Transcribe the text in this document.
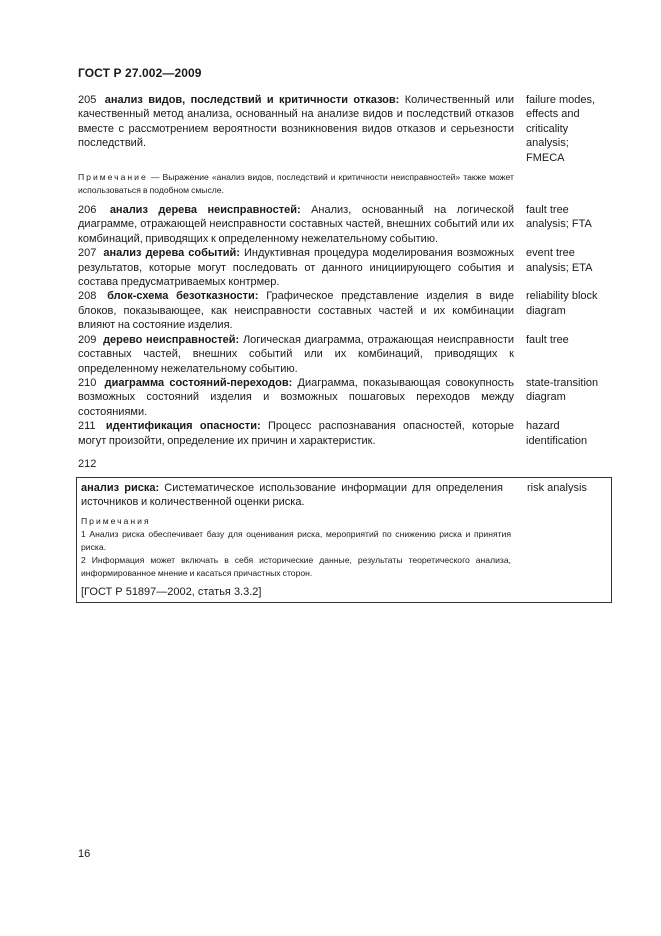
ГОСТ Р 27.002—2009
205 анализ видов, последствий и критичности отказов: Количественный или качественный метод анализа, основанный на анализе видов и последствий отказов вместе с рассмотрением вероятности возникновения видов отказов и серьезности последствий.
failure modes,
effects and
criticality
analysis;
FMECA
Примечание — Выражение «анализ видов, последствий и критичности неисправностей» также может использоваться в подобном смысле.
206 анализ дерева неисправностей: Анализ, основанный на логической диаграмме, отражающей неисправности составных частей, внешних событий или их комбинаций, приводящих к определенному нежелательному событию.
fault tree
analysis; FTA
207 анализ дерева событий: Индуктивная процедура моделирования возможных результатов, которые могут последовать от данного инициирующего события и состава предусматриваемых контрмер.
event tree
analysis; ETA
208 блок-схема безотказности: Графическое представление изделия в виде блоков, показывающее, как неисправности составных частей и их комбинации влияют на состояние изделия.
reliability block
diagram
209 дерево неисправностей: Логическая диаграмма, отражающая неисправности составных частей, внешних событий или их комбинаций, приводящих к определенному нежелательному событию.
fault tree
210 диаграмма состояний-переходов: Диаграмма, показывающая совокупность возможных состояний изделия и возможных пошаговых переходов между состояниями.
state-transition
diagram
211 идентификация опасности: Процесс распознавания опасностей, которые могут произойти, определение их причин и характеристик.
hazard
identification
212
анализ риска: Систематическое использование информации для определения источников и количественной оценки риска.
risk analysis
Примечания
1 Анализ риска обеспечивает базу для оценивания риска, мероприятий по снижению риска и принятия риска.
2 Информация может включать в себя исторические данные, результаты теоретического анализа, информированное мнение и касаться причастных сторон.
[ГОСТ Р 51897—2002, статья 3.3.2]
16
